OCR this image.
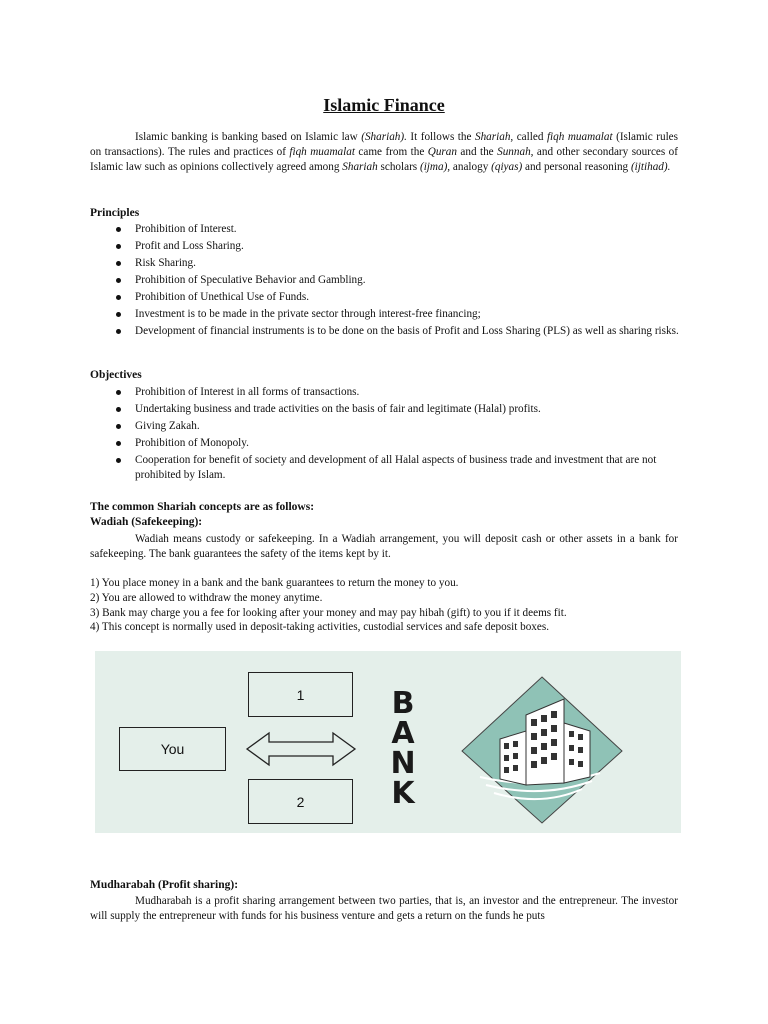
Islamic Finance

Islamic banking is banking based on Islamic law (Shariah). It follows the Shariah, called fiqh muamalat (Islamic rules on transactions). The rules and practices of fiqh muamalat came from the Quran and the Sunnah, and other secondary sources of Islamic law such as opinions collectively agreed among Shariah scholars (ijma), analogy (qiyas) and personal reasoning (ijtihad).

Principles

Prohibition of Interest.
Profit and Loss Sharing.
Risk Sharing.
Prohibition of Speculative Behavior and Gambling.
Prohibition of Unethical Use of Funds.
Investment is to be made in the private sector through interest-free financing;
Development of financial instruments is to be done on the basis of Profit and Loss Sharing (PLS) as well as sharing risks.

Objectives

Prohibition of Interest in all forms of transactions.
Undertaking business and trade activities on the basis of fair and legitimate (Halal) profits.
Giving Zakah.
Prohibition of Monopoly.
Cooperation for benefit of society and development of all Halal aspects of business trade and investment that are not prohibited by Islam.

The common Shariah concepts are as follows:

Wadiah (Safekeeping):

Wadiah means custody or safekeeping. In a Wadiah arrangement, you will deposit cash or other assets in a bank for safekeeping. The bank guarantees the safety of the items kept by it.

1) You place money in a bank and the bank guarantees to return the money to you.
2) You are allowed to withdraw the money anytime.
3) Bank may charge you a fee for looking after your money and may pay hibah (gift) to you if it deems fit.
4) This concept is normally used in deposit-taking activities, custodial services and safe deposit boxes.
You
1
2
B
A
N
K

Mudharabah (Profit sharing):

Mudharabah is a profit sharing arrangement between two parties, that is, an investor and the entrepreneur. The investor will supply the entrepreneur with funds for his business venture and gets a return on the funds he puts
